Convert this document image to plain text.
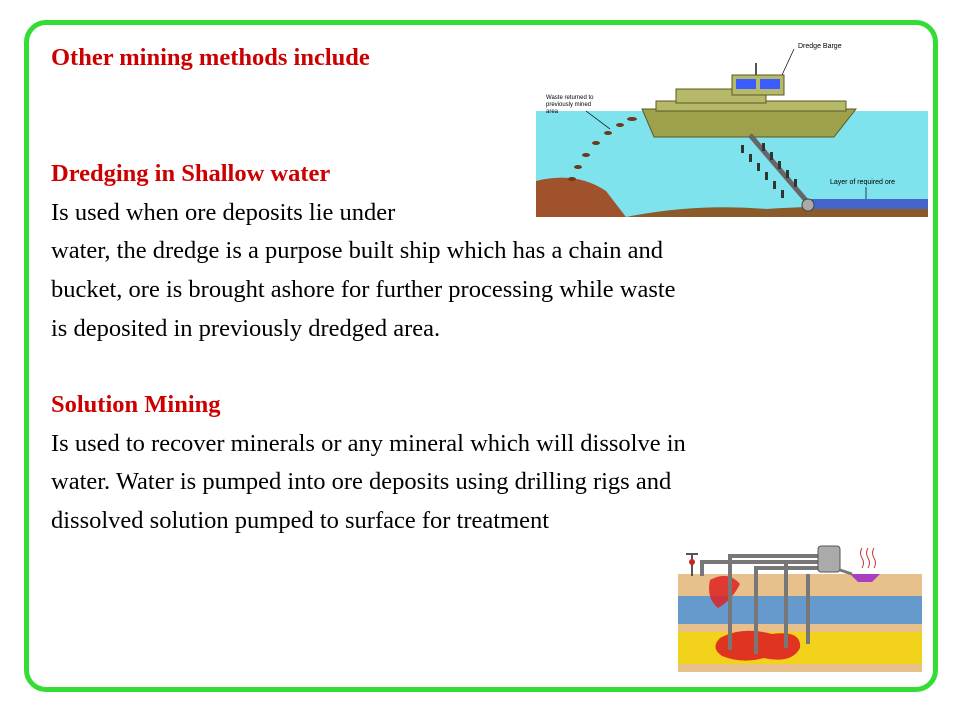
Other mining methods include
Dredging in Shallow water
Is used when ore deposits lie under
water, the dredge is a purpose built ship which has a chain and
bucket, ore is brought ashore for further processing while waste
is deposited in previously dredged area.
Solution Mining
Is used to recover minerals or any mineral which will dissolve in
water. Water is pumped into ore deposits using drilling rigs and
dissolved solution pumped to surface for treatment
Dredge Barge
Waste returned to
previously mined
area
Layer of required ore
